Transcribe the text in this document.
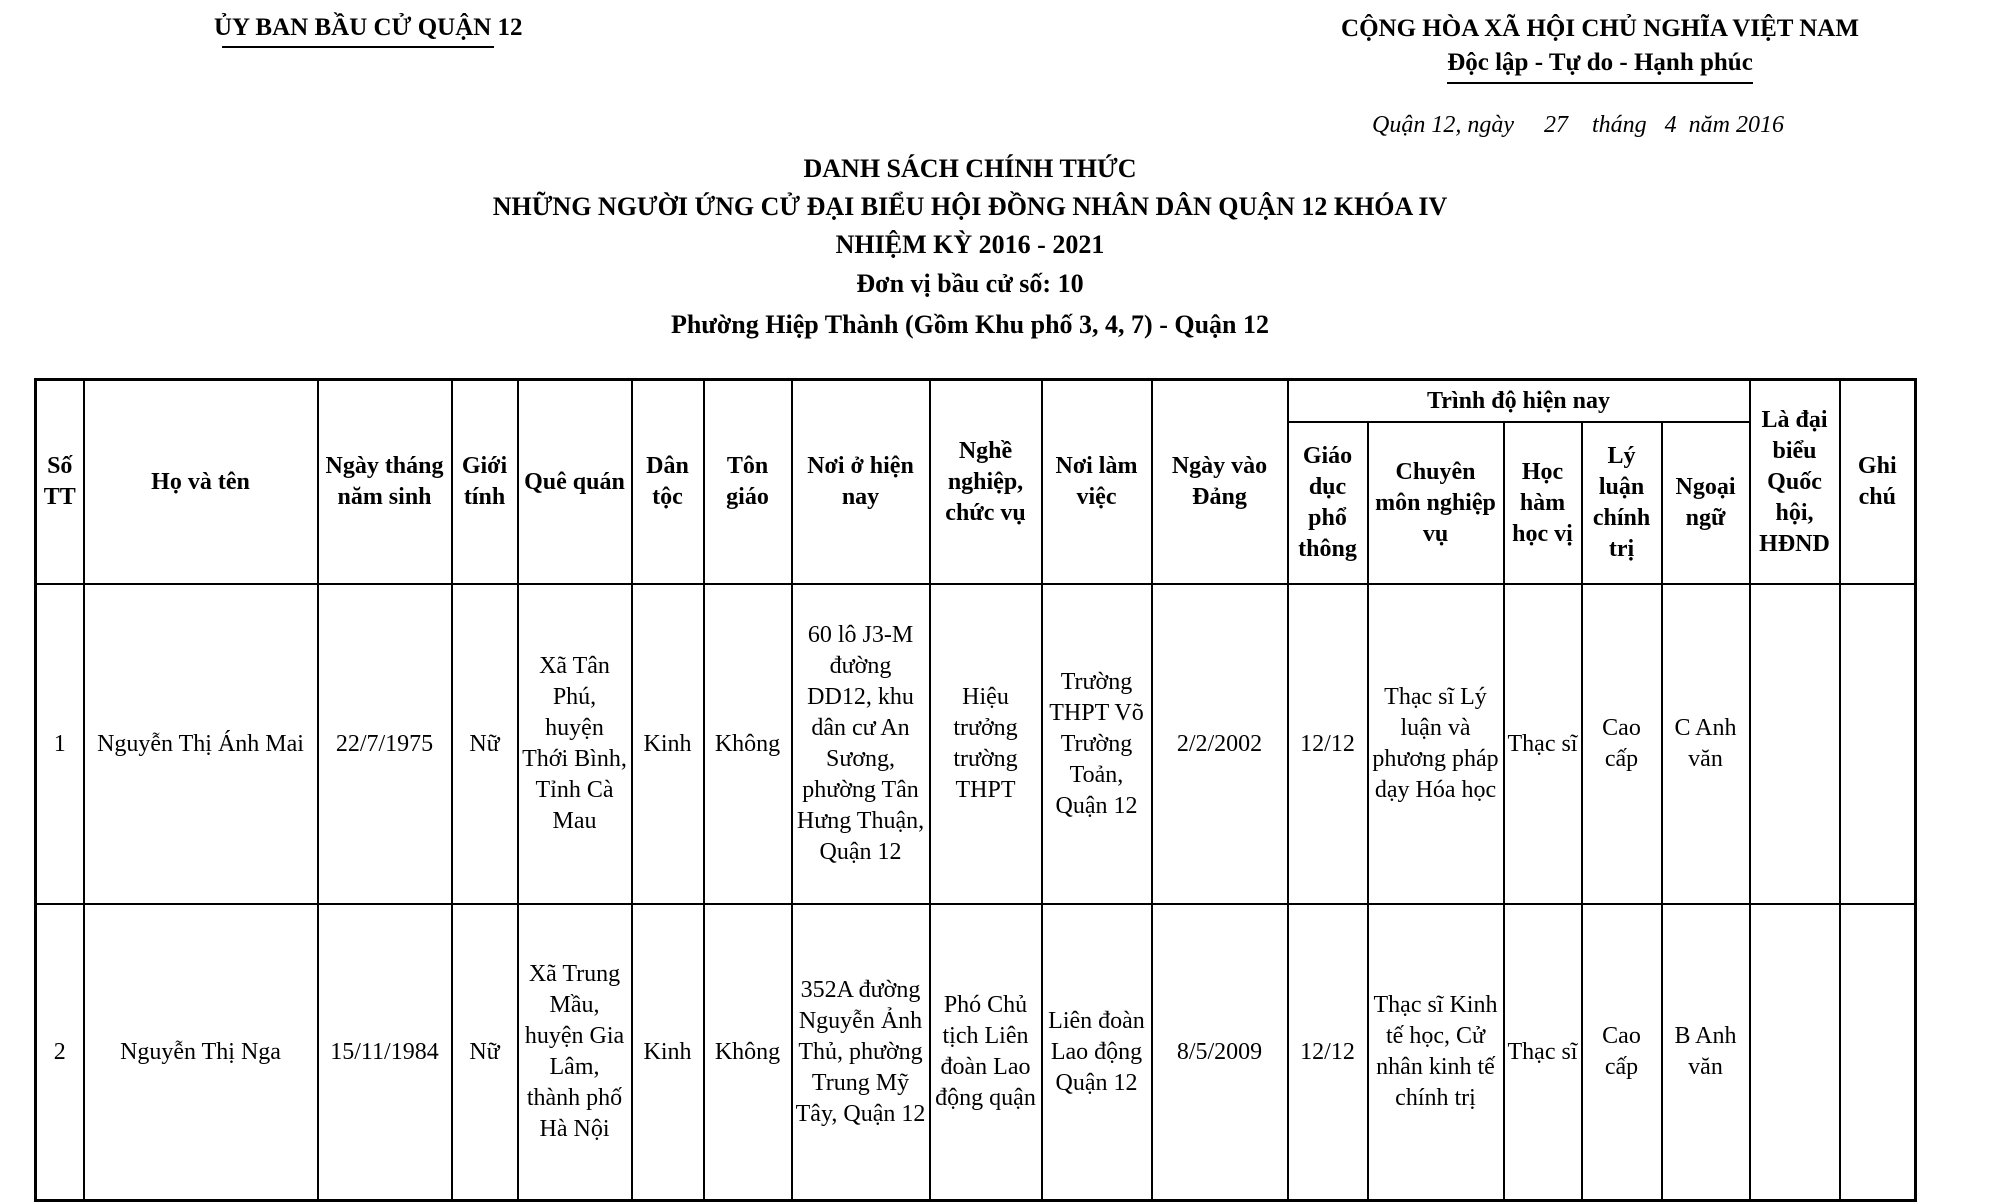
ỦY BAN BẦU CỬ QUẬN 12	CỘNG HÒA XÃ HỘI CHỦ NGHĨA VIỆT NAM
Độc lập - Tự do - Hạnh phúc
Quận 12, ngày     27    tháng   4  năm 2016
DANH SÁCH CHÍNH THỨC
NHỮNG NGƯỜI ỨNG CỬ ĐẠI BIỂU HỘI ĐỒNG NHÂN DÂN QUẬN 12 KHÓA IV
NHIỆM KỲ 2016 - 2021
Đơn vị bầu cử số: 10
Phường Hiệp Thành (Gồm Khu phố 3, 4, 7) - Quận 12
Số TT	Họ và tên	Ngày tháng năm sinh	Giới tính	Quê quán	Dân tộc	Tôn giáo	Nơi ở hiện nay	Nghề nghiệp, chức vụ	Nơi làm việc	Ngày vào Đảng	Trình độ hiện nay					Là đại biểu Quốc hội, HĐND	Ghi chú
											Giáo dục phổ thông	Chuyên môn nghiệp vụ	Học hàm học vị	Lý luận chính trị	Ngoại ngữ		
1	Nguyễn Thị Ánh Mai	22/7/1975	Nữ	Xã Tân Phú, huyện Thới Bình, Tỉnh Cà Mau	Kinh	Không	60 lô J3-M đường DD12, khu dân cư An Sương, phường Tân Hưng Thuận, Quận 12	Hiệu trưởng trường THPT	Trường THPT Võ Trường Toản, Quận 12	2/2/2002	12/12	Thạc sĩ Lý luận và phương pháp dạy Hóa học	Thạc sĩ	Cao cấp	C Anh văn		
2	Nguyễn Thị Nga	15/11/1984	Nữ	Xã Trung Mầu, huyện Gia Lâm, thành phố Hà Nội	Kinh	Không	352A đường Nguyễn Ảnh Thủ, phường Trung Mỹ Tây, Quận 12	Phó Chủ tịch Liên đoàn Lao động quận	Liên đoàn Lao động Quận 12	8/5/2009	12/12	Thạc sĩ Kinh tế học, Cử nhân kinh tế chính trị	Thạc sĩ	Cao cấp	B Anh văn		
